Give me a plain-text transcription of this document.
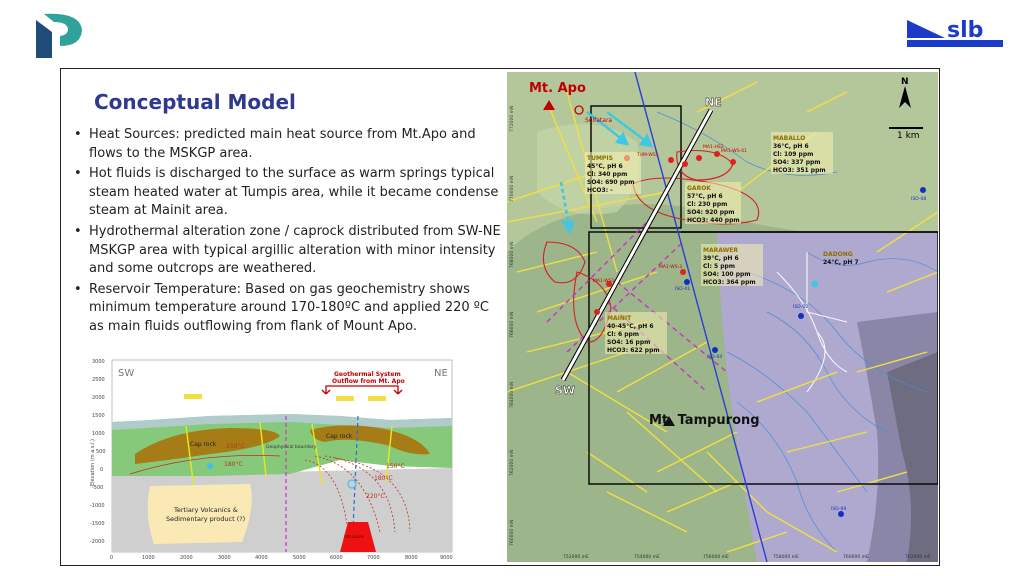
slb
Conceptual Model
• Heat Sources: predicted main heat source from Mt.Apo and flows to the MSKGP area.
• Hot fluids is discharged to the surface as warm springs typical steam heated water at Tumpis area, while it became condense steam at Mainit area.
• Hydrothermal alteration zone / caprock distributed from SW-NE MSKGP area with typical argillic alteration with minor intensity and some outcrops are weathered.
• Reservoir Temperature: Based on gas geochemistry shows minimum temperature around 170-180ºC and applied 220 ºC as main fluids outflowing from flank of Mount Apo.
3000
2500
2000
1500
1000
500
0
-500
-1000
-1500
-2000
Elevation (m a.s.l.)
0	1000	2000	3000	4000	5000	6000	7000	8000	9000
SW	NE
Geothermal System
Outflow from Mt. Apo
Cap rock
Cap rock
Geophysical boundary
150°C
180°C	150°C
180°C
220°C
Tertiary Volcanics &
Sedimentary product (?)
Intrusive
772000 mN
770000 mN
768000 mN
766000 mN
764000 mN
762000 mN
760000 mN
752000 mE	754000 mE	756000 mE	758000 mE	760000 mE	762000 mE
Mt. Apo
Solfatara
NE
SW
N
1 km
Mt. Tampurong
TUMPIS
45°C, pH 6
Cl: 340 ppm
SO4: 690 ppm
HCO3: -	GAROK
57°C, pH 6
Cl: 230 ppm
SO4: 920 ppm
HCO3: 440 ppm
MABALLO
36°C, pH 6
Cl: 109 ppm
SO4: 337 ppm
HCO3: 351 ppm
MARAWER
39°C, pH 6
Cl: 5 ppm
SO4: 100 ppm
HCO3: 364 ppm
MAINIT
40-45°C, pH 6
Cl: 6 ppm
SO4: 16 ppm
HCO3: 622 ppm
DADONG
24°C, pH 7
MA1-WS-01
MA1-WS-3
MA1-WS1
ISO-01
ISO-02
ISO-04
ISO-08
ISO-09
MA1-HS2
TUM-WS1
